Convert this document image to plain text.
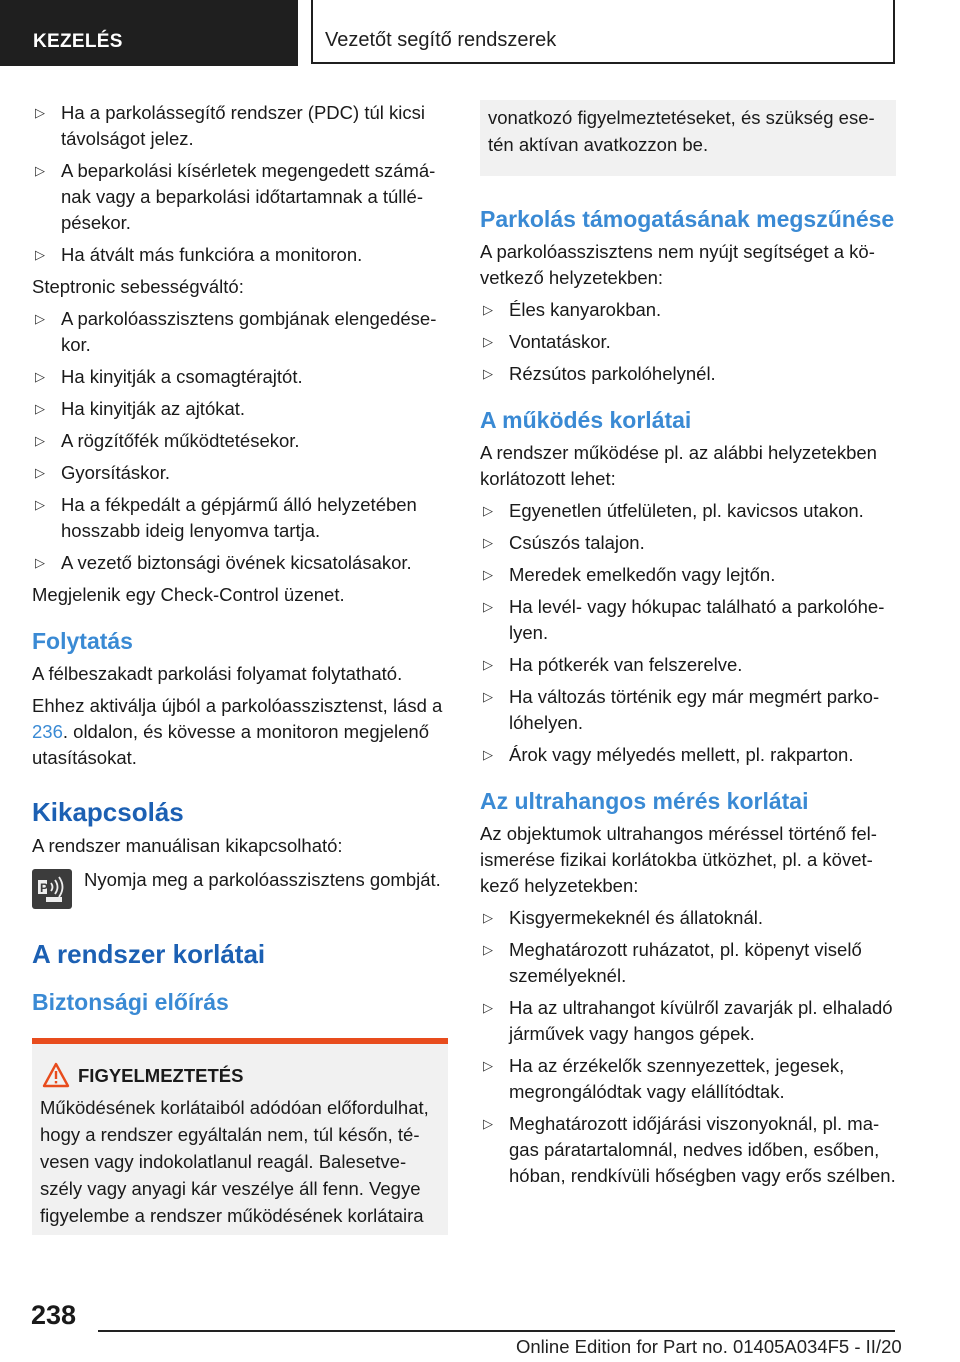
KEZELÉS	Vezetőt segítő rendszerek
▷ Ha a parkolássegítő rendszer (PDC) túl kicsi távolságot jelez.
▷ A beparkolási kísérletek megengedett számának vagy a beparkolási időtartamnak a túllépésekor.
▷ Ha átvált más funkcióra a monitoron.
Steptronic sebességváltó:
▷ A parkolóasszisztens gombjának elengedésekor.
▷ Ha kinyitják a csomagtérajtót.
▷ Ha kinyitják az ajtókat.
▷ A rögzítőfék működtetésekor.
▷ Gyorsításkor.
▷ Ha a fékpedált a gépjármű álló helyzetében hosszabb ideig lenyomva tartja.
▷ A vezető biztonsági övének kicsatolásakor.
Megjelenik egy Check-Control üzenet.
Folytatás
A félbeszakadt parkolási folyamat folytatható.
Ehhez aktiválja újból a parkolóasszisztenst, lásd a 236. oldalon, és kövesse a monitoron megjelenő utasításokat.
Kikapcsolás
A rendszer manuálisan kikapcsolható:
P Nyomja meg a parkolóasszisztens gombját.
A rendszer korlátai
Biztonsági előírás
FIGYELMEZTETÉS
Működésének korlátaiból adódóan előfordulhat, hogy a rendszer egyáltalán nem, túl későn, tévesen vagy indokolatlanul reagál. Balesetveszély vagy anyagi kár veszélye áll fenn. Vegye figyelembe a rendszer működésének korlátaira
vonatkozó figyelmeztetéseket, és szükség esetén aktívan avatkozzon be.
Parkolás támogatásának megszűnése
A parkolóasszisztens nem nyújt segítséget a következő helyzetekben:
▷ Éles kanyarokban.
▷ Vontatáskor.
▷ Rézsútos parkolóhelynél.
A működés korlátai
A rendszer működése pl. az alábbi helyzetekben korlátozott lehet:
▷ Egyenetlen útfelületen, pl. kavicsos utakon.
▷ Csúszós talajon.
▷ Meredek emelkedőn vagy lejtőn.
▷ Ha levél- vagy hókupac található a parkolóhelyen.
▷ Ha pótkerék van felszerelve.
▷ Ha változás történik egy már megmért parkolóhelyen.
▷ Árok vagy mélyedés mellett, pl. rakparton.
Az ultrahangos mérés korlátai
Az objektumok ultrahangos méréssel történő felismerése fizikai korlátokba ütközhet, pl. a következő helyzetekben:
▷ Kisgyermekeknél és állatoknál.
▷ Meghatározott ruházatot, pl. köpenyt viselő személyeknél.
▷ Ha az ultrahangot kívülről zavarják pl. elhaladó járművek vagy hangos gépek.
▷ Ha az érzékelők szennyezettek, jegesek, megrongálódtak vagy elállítódtak.
▷ Meghatározott időjárási viszonyoknál, pl. magas páratartalomnál, nedves időben, esőben, hóban, rendkívüli hőségben vagy erős szélben.
238
Online Edition for Part no. 01405A034F5 - II/20
